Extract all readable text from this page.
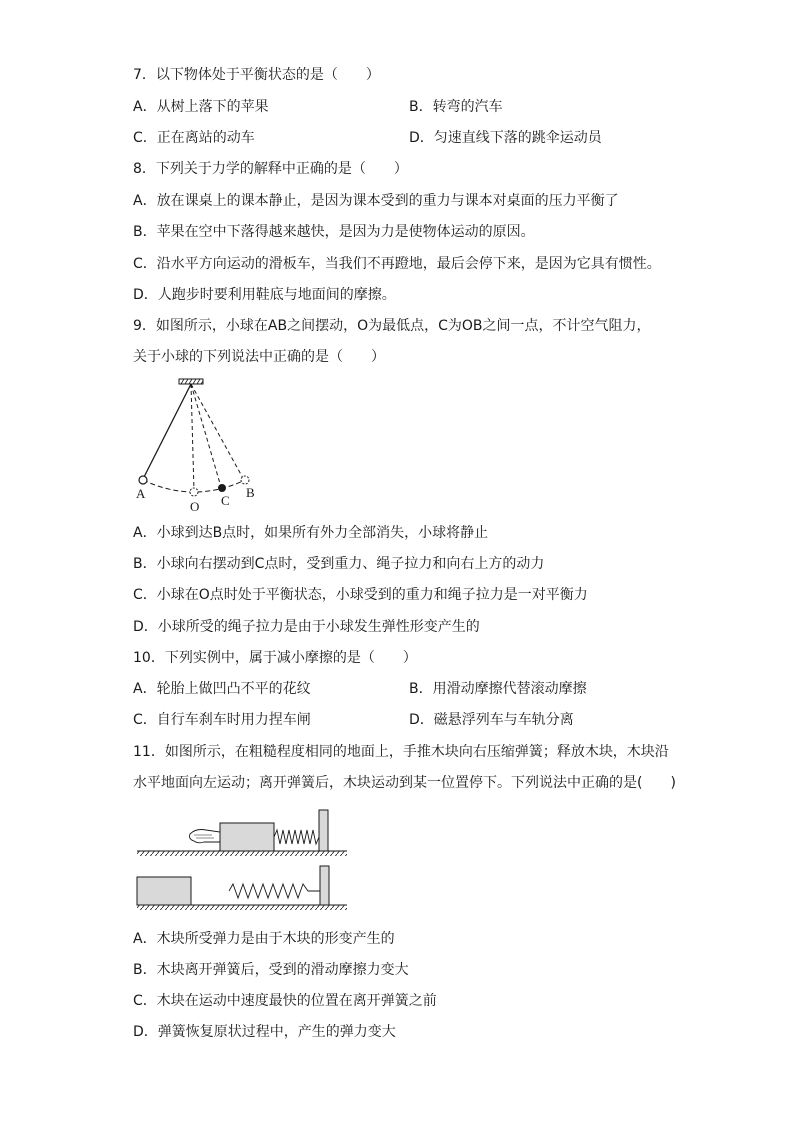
7．以下物体处于平衡状态的是（　　）
A．从树上落下的苹果	B．转弯的汽车
C．正在离站的动车	D．匀速直线下落的跳伞运动员
8．下列关于力学的解释中正确的是（　　）
A．放在课桌上的课本静止，是因为课本受到的重力与课本对桌面的压力平衡了
B．苹果在空中下落得越来越快，是因为力是使物体运动的原因。
C．沿水平方向运动的滑板车，当我们不再蹬地，最后会停下来，是因为它具有惯性。
D．人跑步时要利用鞋底与地面间的摩擦。
9．如图所示，小球在AB之间摆动，O为最低点，C为OB之间一点，不计空气阻力，
关于小球的下列说法中正确的是（　　）
A
O C
B
A．小球到达B点时，如果所有外力全部消失，小球将静止
B．小球向右摆动到C点时，受到重力、绳子拉力和向右上方的动力
C．小球在O点时处于平衡状态，小球受到的重力和绳子拉力是一对平衡力
D．小球所受的绳子拉力是由于小球发生弹性形变产生的
10．下列实例中，属于减小摩擦的是（　　）
A．轮胎上做凹凸不平的花纹	B．用滑动摩擦代替滚动摩擦
C．自行车刹车时用力捏车闸	D．磁悬浮列车与车轨分离
11．如图所示，在粗糙程度相同的地面上，手推木块向右压缩弹簧；释放木块，木块沿
水平地面向左运动；离开弹簧后，木块运动到某一位置停下。下列说法中正确的是(　　)
A．木块所受弹力是由于木块的形变产生的
B．木块离开弹簧后，受到的滑动摩擦力变大
C．木块在运动中速度最快的位置在离开弹簧之前
D．弹簧恢复原状过程中，产生的弹力变大
